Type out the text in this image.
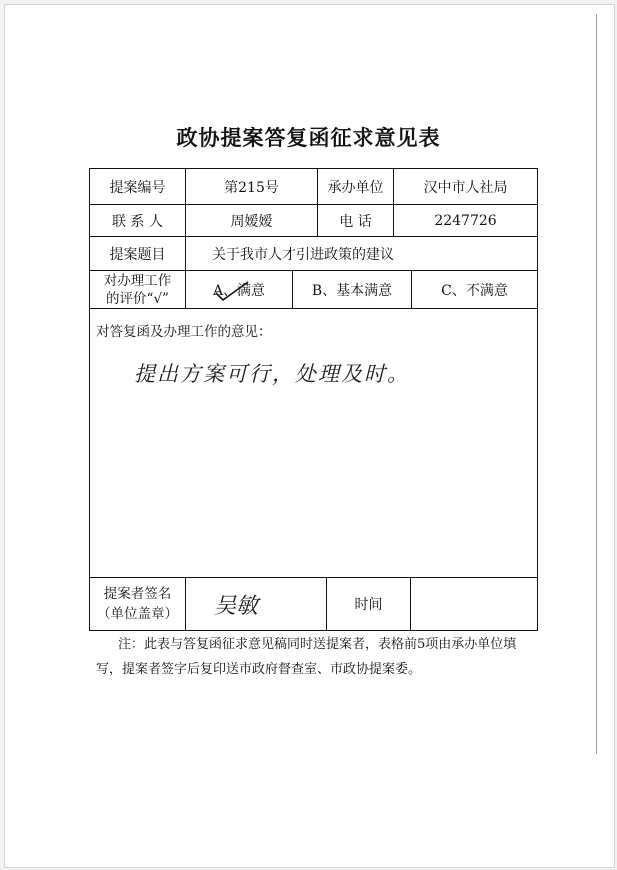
政协提案答复函征求意见表
提案编号	第215号	承办单位	汉中市人社局
联 系 人	周嫒嫒	电 话	2247726
提案题目	关于我市人才引进政策的建议
对办理工作
的评价“√”	A、满意	B、基本满意	C、不满意
对答复函及办理工作的意见：
提出方案可行，处理及时。
提案者签名
（单位盖章） 吴敏	时间
注：此表与答复函征求意见稿同时送提案者，表格前5项由承办单位填写，提案者签字后复印送市政府督查室、市政协提案委。
